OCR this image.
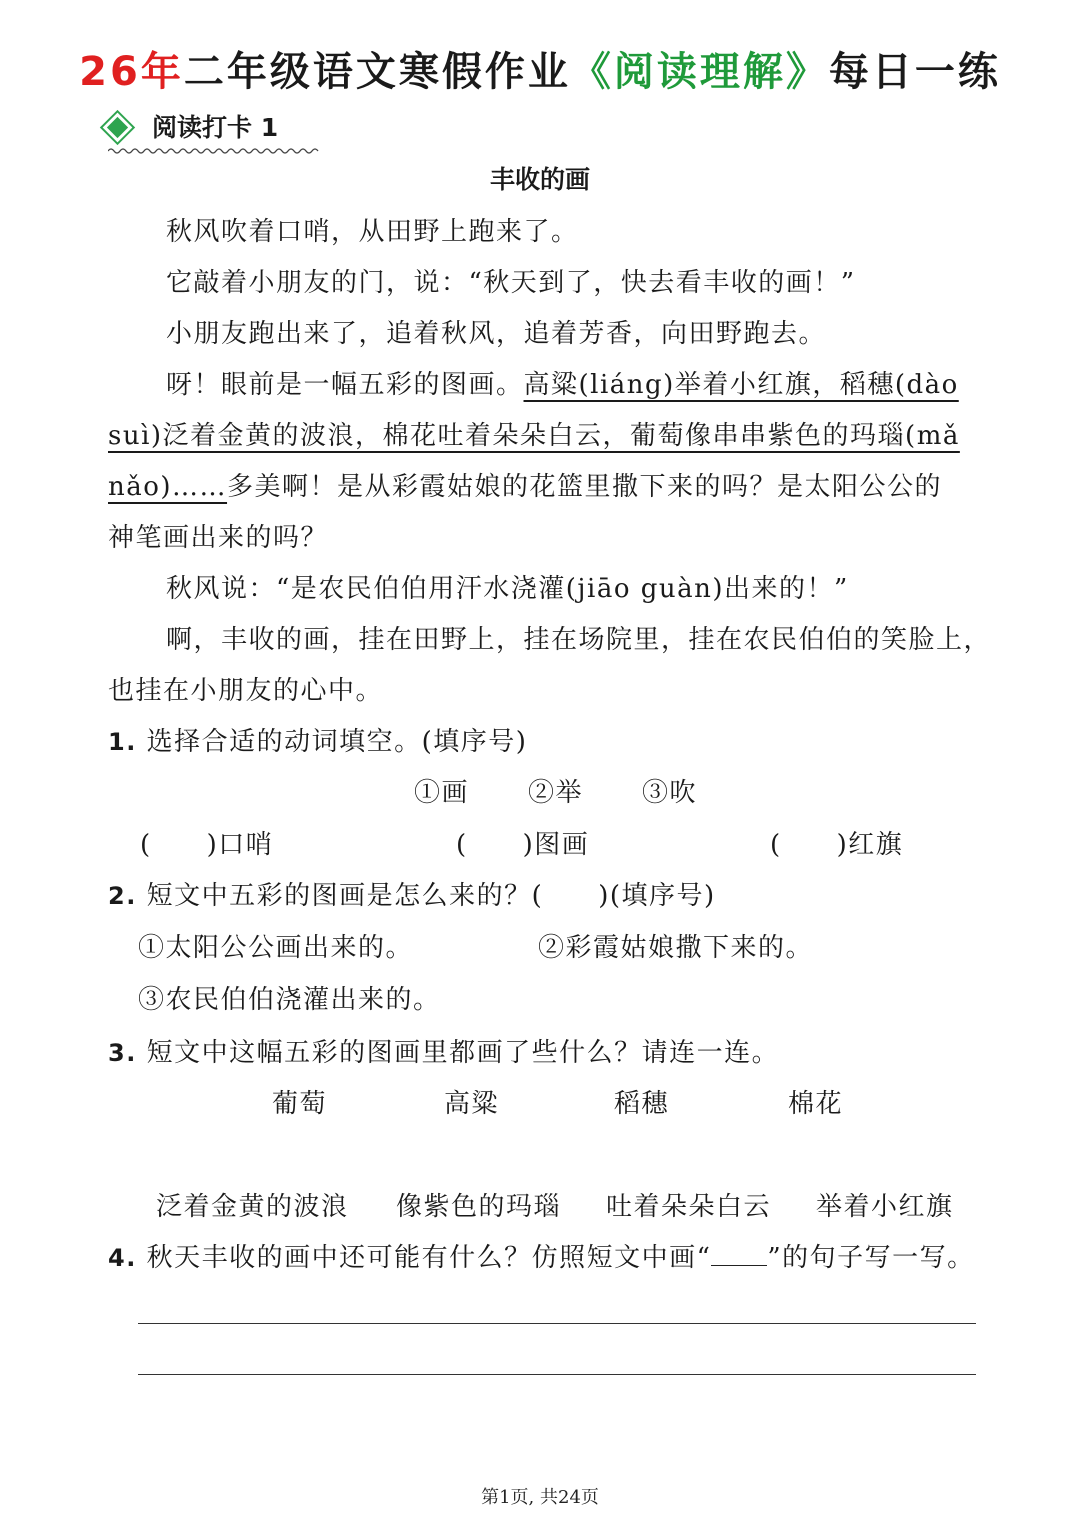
26年二年级语文寒假作业《阅读理解》每日一练
阅读打卡 1
丰收的画
秋风吹着口哨，从田野上跑来了。
它敲着小朋友的门，说：“秋天到了，快去看丰收的画！”
小朋友跑出来了，追着秋风，追着芳香，向田野跑去。
呀！眼前是一幅五彩的图画。高粱(liáng)举着小红旗，稻穗(dào
suì)泛着金黄的波浪，棉花吐着朵朵白云，葡萄像串串紫色的玛瑙(mǎ
nǎo)……多美啊！是从彩霞姑娘的花篮里撒下来的吗？是太阳公公的
神笔画出来的吗？
秋风说：“是农民伯伯用汗水浇灌(jiāo guàn)出来的！”
啊，丰收的画，挂在田野上，挂在场院里，挂在农民伯伯的笑脸上，
也挂在小朋友的心中。
1. 选择合适的动词填空。(填序号)
①画 ②举 ③吹
(　　)口哨	(　　)图画	(　　)红旗
2. 短文中五彩的图画是怎么来的？(　　)(填序号)
①太阳公公画出来的。	②彩霞姑娘撒下来的。
③农民伯伯浇灌出来的。
3. 短文中这幅五彩的图画里都画了些什么？请连一连。
葡萄	高粱	稻穗	棉花
泛着金黄的波浪 像紫色的玛瑙 吐着朵朵白云 举着小红旗
4. 秋天丰收的画中还可能有什么？仿照短文中画“ ”的句子写一写。
第1页, 共24页
